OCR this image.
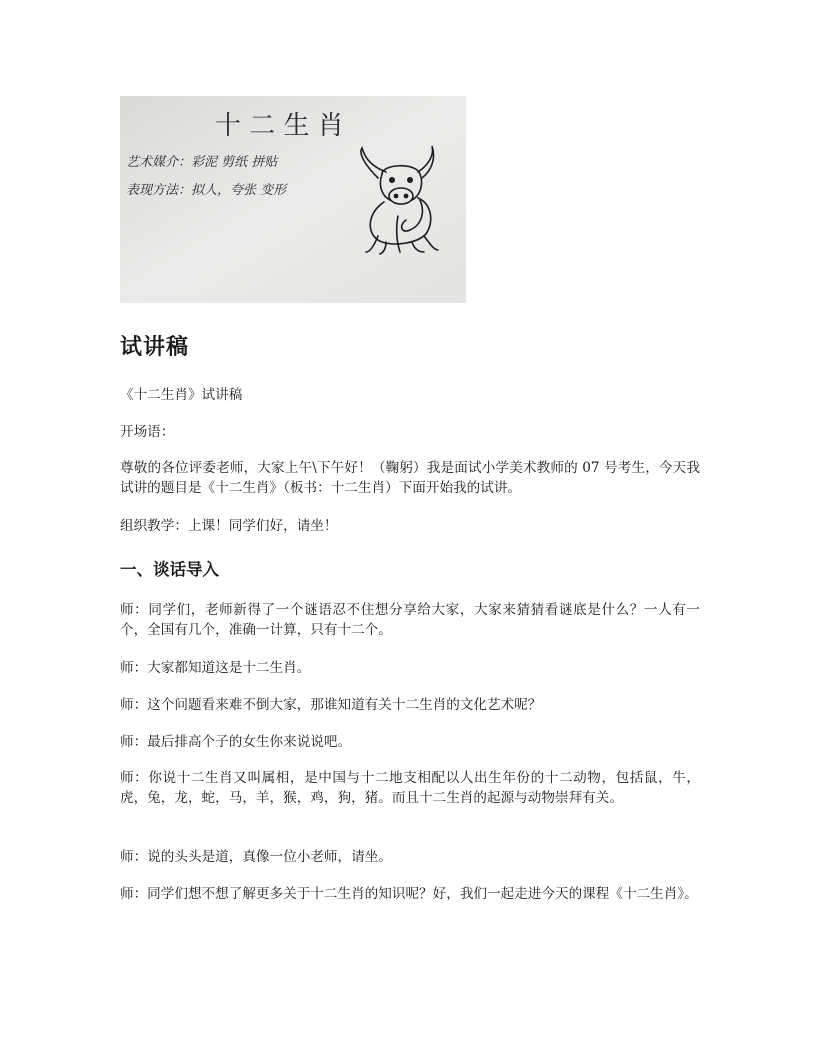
十 二 生 肖
艺术媒介：彩泥 剪纸 拼贴
表现方法：拟人，夸张 变形
试讲稿

《十二生肖》试讲稿

开场语：

尊敬的各位评委老师，大家上午\下午好！（鞠躬）我是面试小学美术教师的 07 号考生，今天我试讲的题目是《十二生肖》（板书：十二生肖）下面开始我的试讲。

组织教学：上课！同学们好，请坐！

一、谈话导入

师：同学们，老师新得了一个谜语忍不住想分享给大家，大家来猜猜看谜底是什么？一人有一个，全国有几个，准确一计算，只有十二个。

师：大家都知道这是十二生肖。

师：这个问题看来难不倒大家，那谁知道有关十二生肖的文化艺术呢？

师：最后排高个子的女生你来说说吧。

师：你说十二生肖又叫属相，是中国与十二地支相配以人出生年份的十二动物，包括鼠，牛，虎，兔，龙，蛇，马，羊，猴，鸡，狗，猪。而且十二生肖的起源与动物崇拜有关。

师：说的头头是道，真像一位小老师，请坐。

师：同学们想不想了解更多关于十二生肖的知识呢？好，我们一起走进今天的课程《十二生肖》。
